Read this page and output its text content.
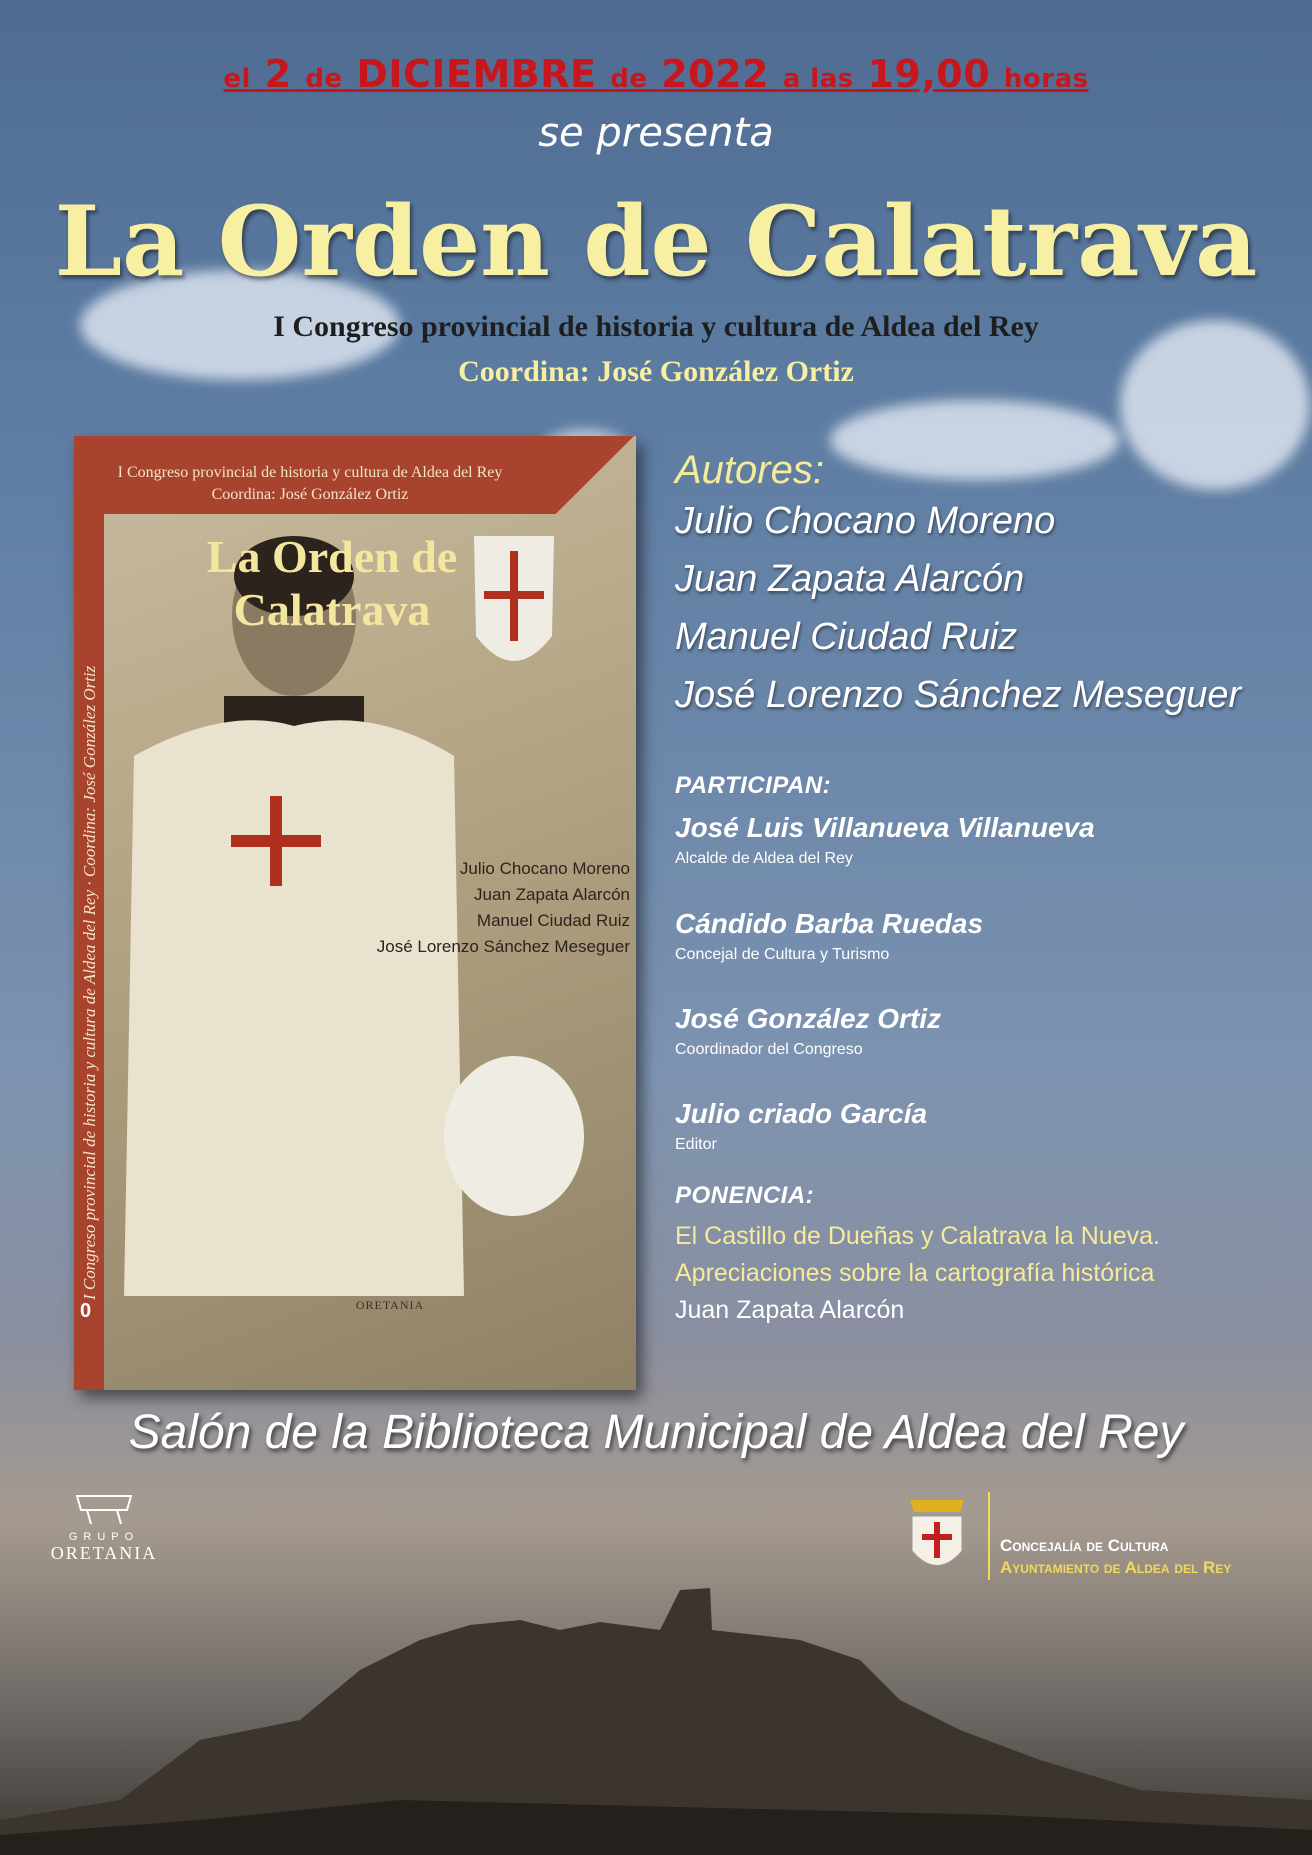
el 2 de DICIEMBRE de 2022 a las 19,00 horas
se presenta
La Orden de Calatrava
I Congreso provincial de historia y cultura de Aldea del Rey
Coordina: José González Ortiz
I Congreso provincial de historia y cultura de Aldea del Rey
Coordina: José González Ortiz
La Orden de Calatrava
I Congreso provincial de historia y cultura de Aldea del Rey · Coordina: José González Ortiz	Julio Chocano Moreno
Juan Zapata Alarcón
Manuel Ciudad Ruiz
José Lorenzo Sánchez Meseguer
ORETANIA
0
Autores:
Julio Chocano Moreno
Juan Zapata Alarcón
Manuel Ciudad Ruiz
José Lorenzo Sánchez Meseguer
PARTICIPAN:
José Luis Villanueva Villanueva
Alcalde de Aldea del Rey
Cándido Barba Ruedas
Concejal de Cultura y Turismo
José González Ortiz
Coordinador del Congreso
Julio criado García
Editor
PONENCIA:
El Castillo de Dueñas y Calatrava la Nueva.
Apreciaciones sobre la cartografía histórica
Juan Zapata Alarcón
Salón de la Biblioteca Municipal de Aldea del Rey
GRUPO
ORETANIA	Concejalía de Cultura
Ayuntamiento de Aldea del Rey
